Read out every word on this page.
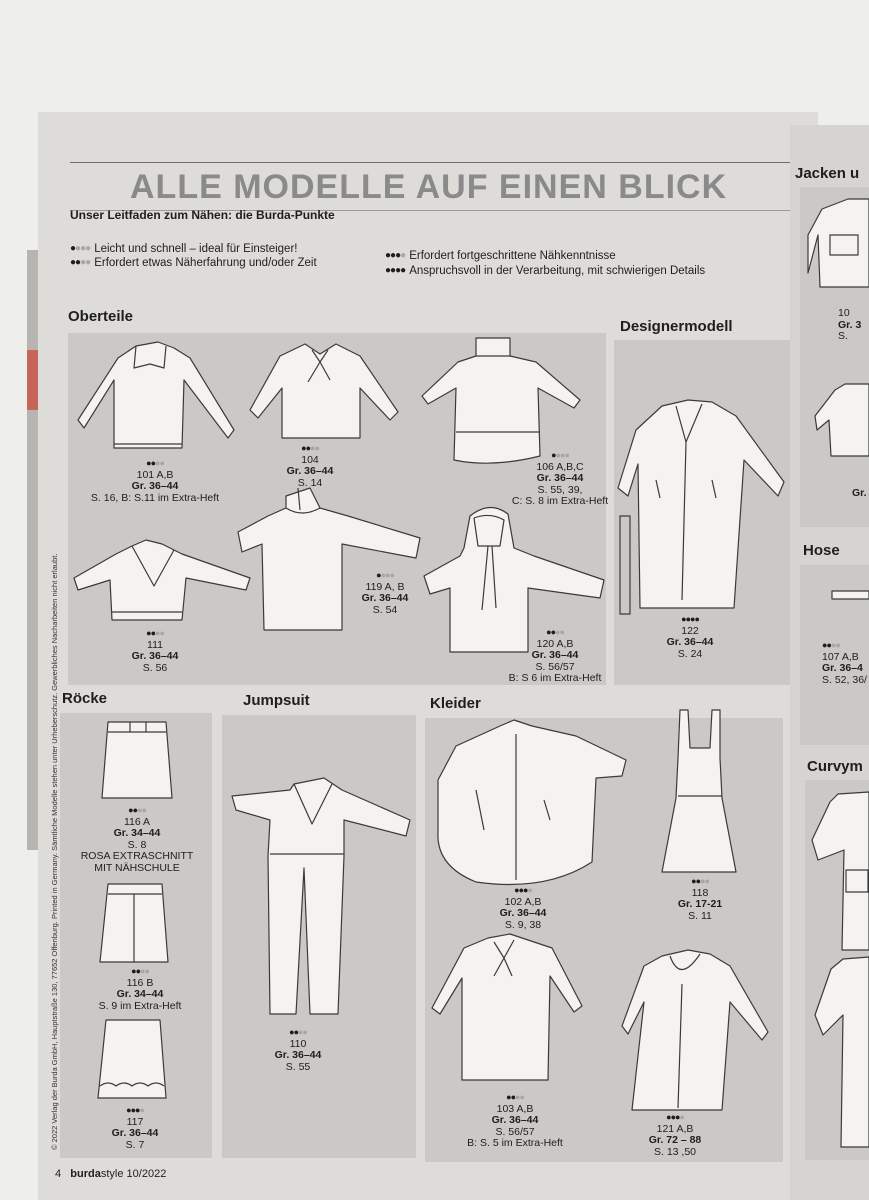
ALLE MODELLE AUF EINEN BLICK
Unser Leitfaden zum Nähen: die Burda-Punkte
●●●● Leicht und schnell – ideal für Einsteiger!
●●●● Erfordert etwas Näherfahrung und/oder Zeit
●●●● Erfordert fortgeschrittene Nähkenntnisse
●●●● Anspruchsvoll in der Verarbeitung, mit schwierigen Details
Oberteile
Designermodell
Jacken u
Hose
Curvym
Röcke	Jumpsuit	Kleider
●●●●
101 A,B
Gr. 36–44
S. 16, B: S.11 im Extra-Heft
●●●●
104
Gr. 36–44
S. 14
●●●●
106 A,B,C
Gr. 36–44
S. 55, 39,
C: S. 8 im Extra-Heft
●●●●
111
Gr. 36–44
S. 56
●●●●
119 A, B
Gr. 36–44
S. 54
●●●●
120 A,B
Gr. 36–44
S. 56/57
B: S 6 im Extra-Heft
●●●●
122
Gr. 36–44
S. 24
●●●●
116 A
Gr. 34–44
S. 8
ROSA EXTRASCHNITT
MIT NÄHSCHULE
●●●●
116 B
Gr. 34–44
S. 9 im Extra-Heft
●●●●
117
Gr. 36–44
S. 7
●●●●
110
Gr. 36–44
S. 55
●●●●
102 A,B
Gr. 36–44
S. 9, 38
●●●●
118
Gr. 17-21
S. 11
●●●●
103 A,B
Gr. 36–44
S. 56/57
B: S. 5 im Extra-Heft
●●●●
121 A,B
Gr. 72 – 88
S. 13 ,50
10
Gr. 3
S.
Gr.
●●●●
107 A,B
Gr. 36–4
S. 52, 36/
© 2022 Verlag der Burda GmbH, Hauptstraße 130, 77652 Offenburg. Printed in Germany. Sämtliche Modelle stehen unter Urheberschutz. Gewerbliches Nacharbeiten nicht erlaubt.
4 burdastyle 10/2022
